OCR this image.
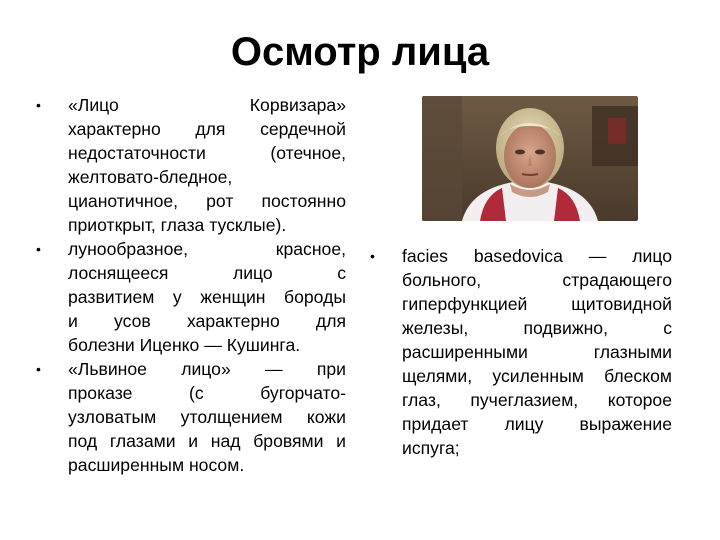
Осмотр лица
•	«Лицо Корвизара»
характерно для сердечной
недостаточности (отечное,
желтовато-бледное,
цианотичное, рот постоянно
приоткрыт, глаза тусклые).
•	лунообразное, красное,
лоснящееся лицо с
развитием у женщин бороды
и усов характерно для
болезни Иценко — Кушинга.
•	«Львиное лицо» — при
проказе (с бугорчато-
узловатым утолщением кожи
под глазами и над бровями и
расширенным носом.
•	facies basedovica — лицо
больного, страдающего
гиперфункцией щитовидной
железы, подвижно, с
расширенными глазными
щелями, усиленным блеском
глаз, пучеглазием, которое
придает лицу выражение
испуга;
